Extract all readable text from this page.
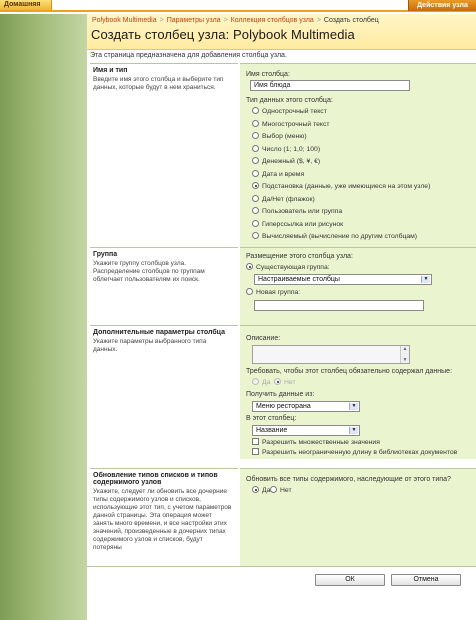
Домашняя	Действия узла
Polybook Multimedia > Параметры узла > Коллекция столбцов узла > Создать столбец
Создать столбец узла: Polybook Multimedia
Эта страница предназначена для добавления столбца узла.
Имя и тип
Введите имя этого столбца и выберите тип данных, которые будут в нем храниться.
Имя столбца:
Имя блюда
Тип данных этого столбца:
Однострочный текст
Многострочный текст
Выбор (меню)
Число (1; 1,0; 100)
Денежный ($, ¥, €)
Дата и время
Подстановка (данные, уже имеющиеся на этом узле)
Да/Нет (флажок)
Пользователь или группа
Гиперссылка или рисунок
Вычисляемый (вычисление по другим столбцам)
Группа
Укажите группу столбцов узла. Распределение столбцов по группам облегчает пользователям их поиск.
Размещение этого столбца узла:
Существующая группа:
Настраиваемые столбцы	▼
Новая группа:
Дополнительные параметры столбца
Укажите параметры выбранного типа данных.
Описание:
▲
▼
Требовать, чтобы этот столбец обязательно содержал данные:
Да	Нет
Получить данные из:
Меню ресторана	▼
В этот столбец:
Название	▼
Разрешить множественные значения
Разрешить неограниченную длину в библиотеках документов
Обновление типов списков и типов содержимого узлов
Укажите, следует ли обновить все дочерние типы содержимого узлов и списков, использующие этот тип, с учетом параметров данной страницы. Эта операция может занять много времени, и все настройки этих значений, произведенные в дочерних типах содержимого узлов и списков, будут потеряны
Обновить все типы содержимого, наследующие от этого типа?
Да	Нет
ОК	Отмена
